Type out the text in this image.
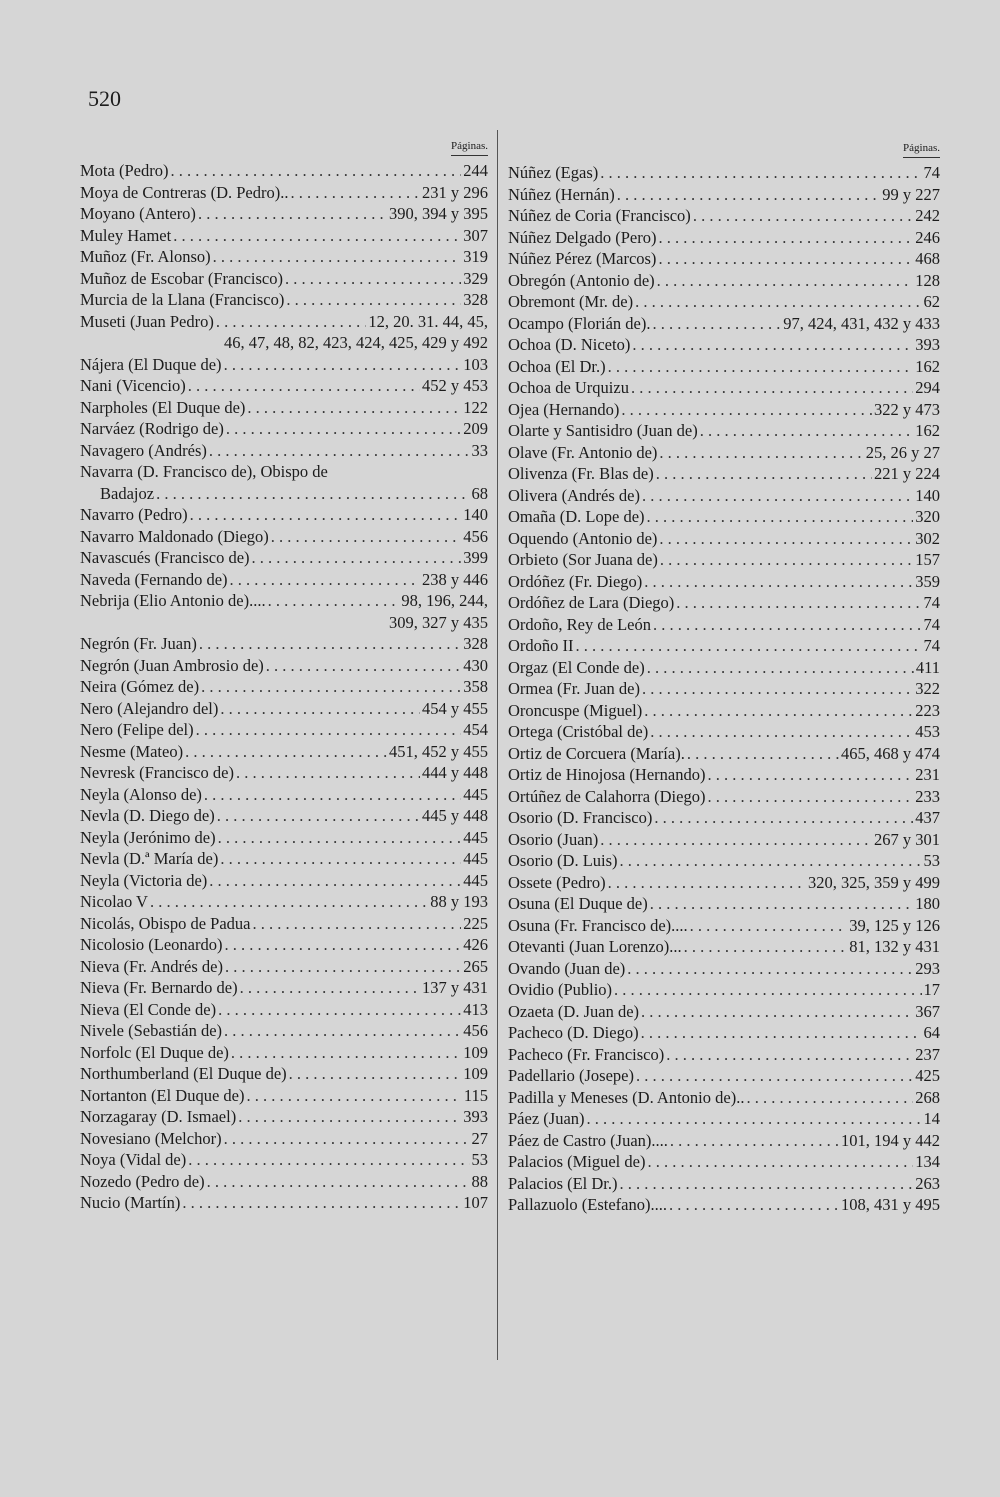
520
Páginas.
Mota (Pedro) . . .	244
Moya de Contreras (D. Pedro).. . . .	231 y 296
Moyano (Antero) . . .	390, 394 y 395
Muley Hamet . . .	307
Muñoz (Fr. Alonso) . . .	319
Muñoz de Escobar (Francisco) . . .	329
Murcia de la Llana (Francisco) . . .	328
Museti (Juan Pedro) . . .	12, 20. 31. 44, 45,
46, 47, 48, 82, 423, 424, 425, 429 y 492
Nájera (El Duque de) . . .	103
Nani (Vicencio) . . .	452 y 453
Narpholes (El Duque de) . . .	122
Narváez (Rodrigo de) . . .	209
Navagero (Andrés) . . .	33
Navarra (D. Francisco de), Obispo de
Badajoz . . .	68
Navarro (Pedro) . . .	140
Navarro Maldonado (Diego) . . .	456
Navascués (Francisco de) . . .	399
Naveda (Fernando de) . . .	238 y 446
Nebrija (Elio Antonio de).... . . .	98, 196, 244,
309, 327 y 435
Negrón (Fr. Juan) . . .	328
Negrón (Juan Ambrosio de) . . .	430
Neira (Gómez de) . . .	358
Nero (Alejandro del) . . .	454 y 455
Nero (Felipe del) . . .	454
Nesme (Mateo) . . .	451, 452 y 455
Nevresk (Francisco de) . . .	444 y 448
Neyla (Alonso de) . . .	445
Nevla (D. Diego de) . . .	445 y 448
Neyla (Jerónimo de) . . .	445
Nevla (D.ª María de) . . .	445
Neyla (Victoria de) . . .	445
Nicolao V . . .	88 y 193
Nicolás, Obispo de Padua . . .	225
Nicolosio (Leonardo) . . .	426
Nieva (Fr. Andrés de) . . .	265
Nieva (Fr. Bernardo de) . . .	137 y 431
Nieva (El Conde de) . . .	413
Nivele (Sebastián de) . . .	456
Norfolc (El Duque de) . . .	109
Northumberland (El Duque de) . . .	109
Nortanton (El Duque de) . . .	115
Norzagaray (D. Ismael) . . .	393
Novesiano (Melchor) . . .	27
Noya (Vidal de) . . .	53
Nozedo (Pedro de) . . .	88
Nucio (Martín) . . .	107
Páginas.
Núñez (Egas) . . .	74
Núñez (Hernán) . . .	99 y 227
Núñez de Coria (Francisco) . . .	242
Núñez Delgado (Pero) . . .	246
Núñez Pérez (Marcos) . . .	468
Obregón (Antonio de) . . .	128
Obremont (Mr. de) . . .	62
Ocampo (Florián de). . . .	97, 424, 431, 432 y 433
Ochoa (D. Niceto) . . .	393
Ochoa (El Dr.) . . .	162
Ochoa de Urquizu . . .	294
Ojea (Hernando) . . .	322 y 473
Olarte y Santisidro (Juan de) . . .	162
Olave (Fr. Antonio de) . . .	25, 26 y 27
Olivenza (Fr. Blas de) . . .	221 y 224
Olivera (Andrés de) . . .	140
Omaña (D. Lope de) . . .	320
Oquendo (Antonio de) . . .	302
Orbieto (Sor Juana de) . . .	157
Ordóñez (Fr. Diego) . . .	359
Ordóñez de Lara (Diego) . . .	74
Ordoño, Rey de León . . .	74
Ordoño II . . .	74
Orgaz (El Conde de) . . .	411
Ormea (Fr. Juan de) . . .	322
Oroncuspe (Miguel) . . .	223
Ortega (Cristóbal de) . . .	453
Ortiz de Corcuera (María). . . .	465, 468 y 474
Ortiz de Hinojosa (Hernando) . . .	231
Ortúñez de Calahorra (Diego) . . .	233
Osorio (D. Francisco) . . .	437
Osorio (Juan) . . .	267 y 301
Osorio (D. Luis) . . .	53
Ossete (Pedro) . . .	320, 325, 359 y 499
Osuna (El Duque de) . . .	180
Osuna (Fr. Francisco de).... . . .	39, 125 y 126
Otevanti (Juan Lorenzo)... . . .	81, 132 y 431
Ovando (Juan de) . . .	293
Ovidio (Publio) . . .	17
Ozaeta (D. Juan de) . . .	367
Pacheco (D. Diego) . . .	64
Pacheco (Fr. Francisco) . . .	237
Padellario (Josepe) . . .	425
Padilla y Meneses (D. Antonio de).. . . .	268
Páez (Juan) . . .	14
Páez de Castro (Juan).... . . .	101, 194 y 442
Palacios (Miguel de) . . .	134
Palacios (El Dr.) . . .	263
Pallazuolo (Estefano).... . . .	108, 431 y 495
